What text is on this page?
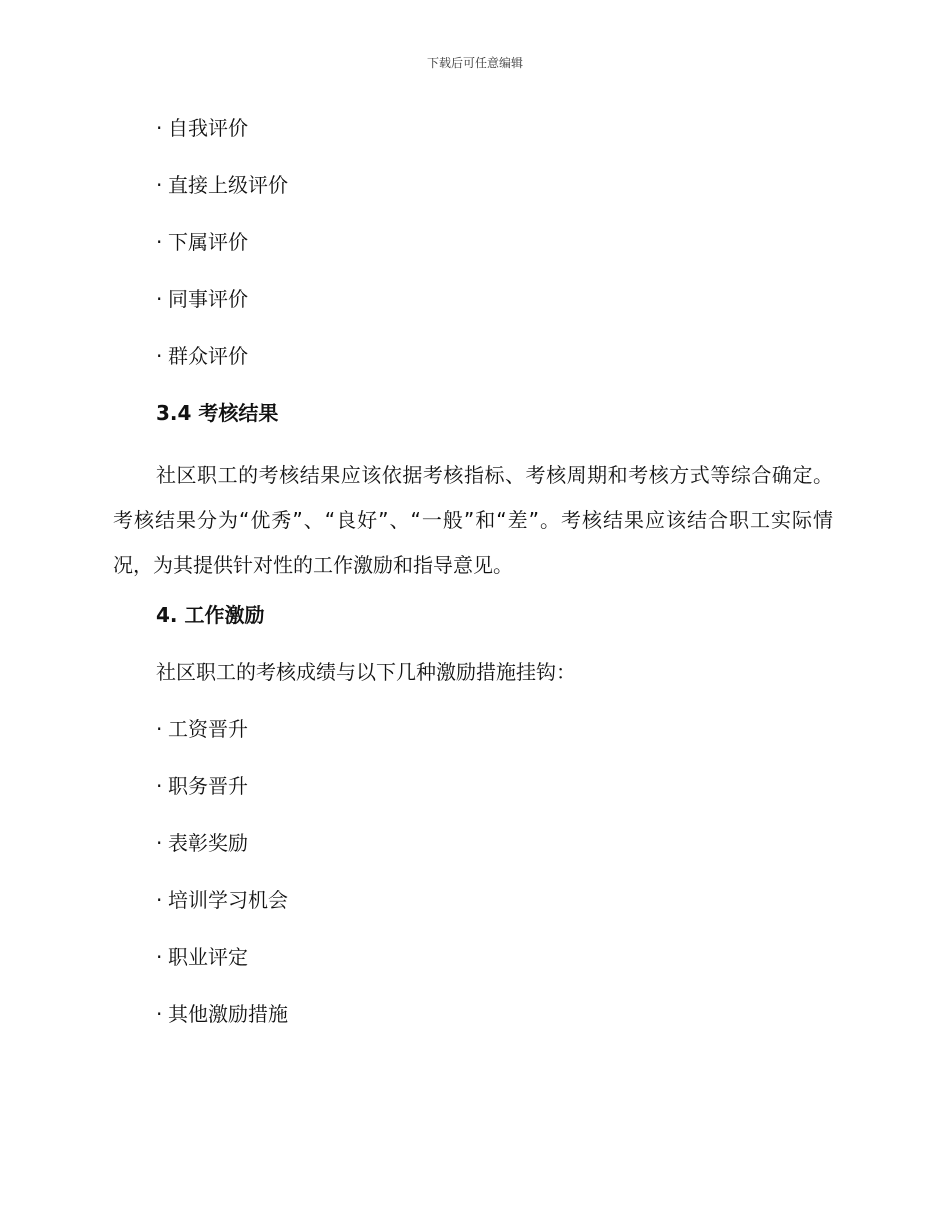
下载后可任意编辑
· 自我评价
· 直接上级评价
· 下属评价
· 同事评价
· 群众评价
3.4 考核结果
社区职工的考核结果应该依据考核指标、考核周期和考核方式等综合确定。考核结果分为“优秀”、“良好”、“一般”和“差”。考核结果应该结合职工实际情况，为其提供针对性的工作激励和指导意见。
4. 工作激励
社区职工的考核成绩与以下几种激励措施挂钩：
· 工资晋升
· 职务晋升
· 表彰奖励
· 培训学习机会
· 职业评定
· 其他激励措施
